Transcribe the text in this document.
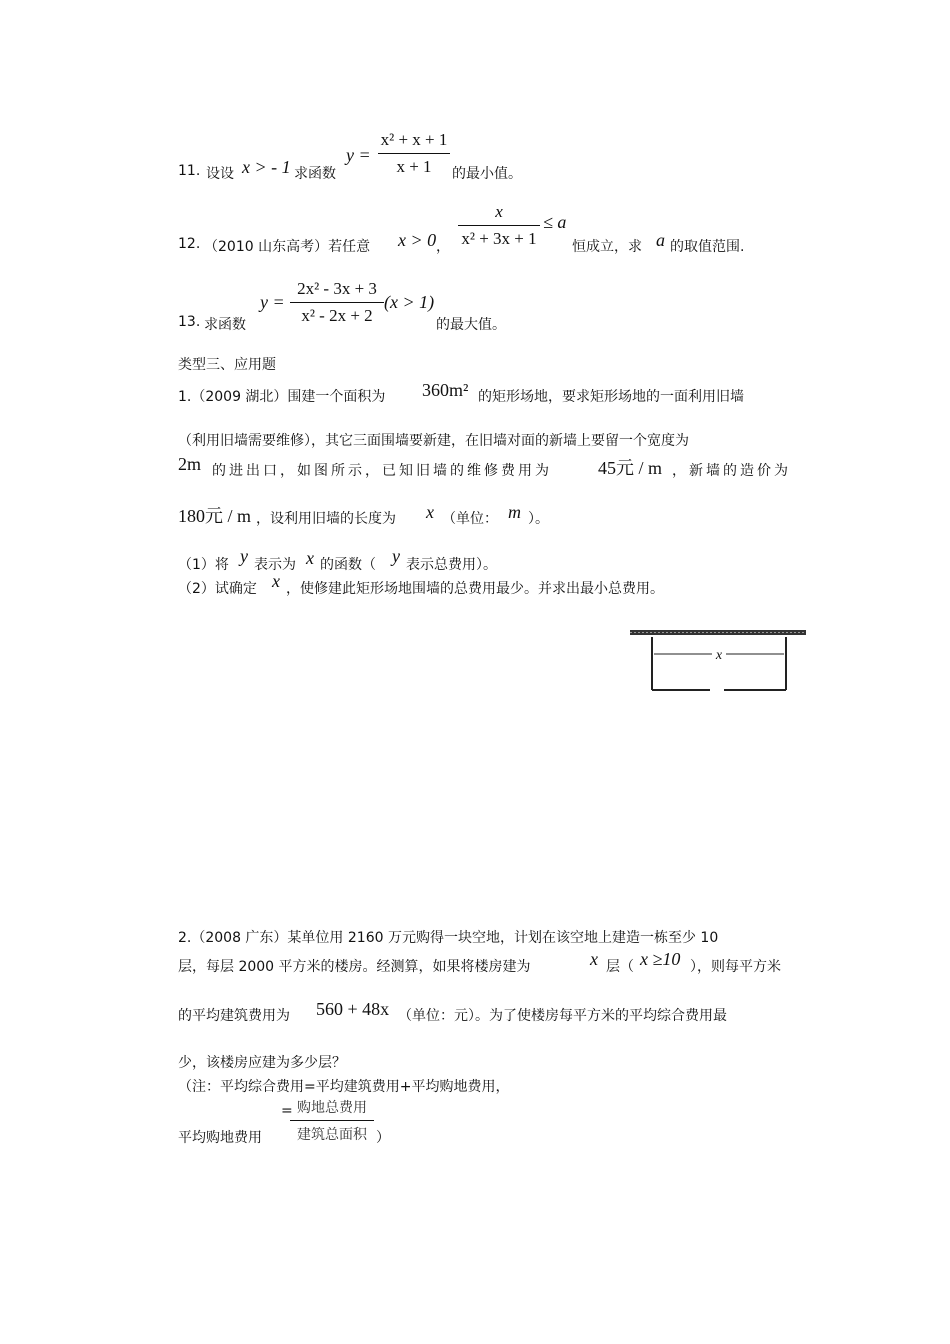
11. 设设 x > - 1 求函数
y =
x² + x + 1
x + 1	的最小值。
12. （2010 山东高考）若任意 x > 0 ，
x
x² + 3x + 1
≤ a
恒成立，求 a 的取值范围.
13. 求函数
y =
2x² - 3x + 3
x² - 2x + 2
(x > 1)
的最大值。
类型三、应用题
1.（2009 湖北）围建一个面积为 360m² 的矩形场地，要求矩形场地的一面利用旧墙
（利用旧墙需要维修），其它三面围墙要新建，在旧墙对面的新墙上要留一个宽度为
2m 的进出口，如图所示，已知旧墙的维修费用为	45元 / m ，新墙的造价为
180元 / m ，设利用旧墙的长度为 x （单位： m ）。
（1）将 y 表示为 x 的函数（ y 表示总费用）。
（2）试确定 x ，使修建此矩形场地围墙的总费用最少。并求出最小总费用。
x
2.（2008 广东）某单位用 2160 万元购得一块空地，计划在该空地上建造一栋至少 10
层，每层 2000 平方米的楼房。经测算，如果将楼房建为	x 层（ x ≥10 ），则每平方米
的平均建筑费用为 560 + 48x （单位：元）。为了使楼房每平方米的平均综合费用最
少，该楼房应建为多少层？
（注：平均综合费用=平均建筑费用+平均购地费用，
平均购地费用
= 购地总费用
建筑总面积 ）
